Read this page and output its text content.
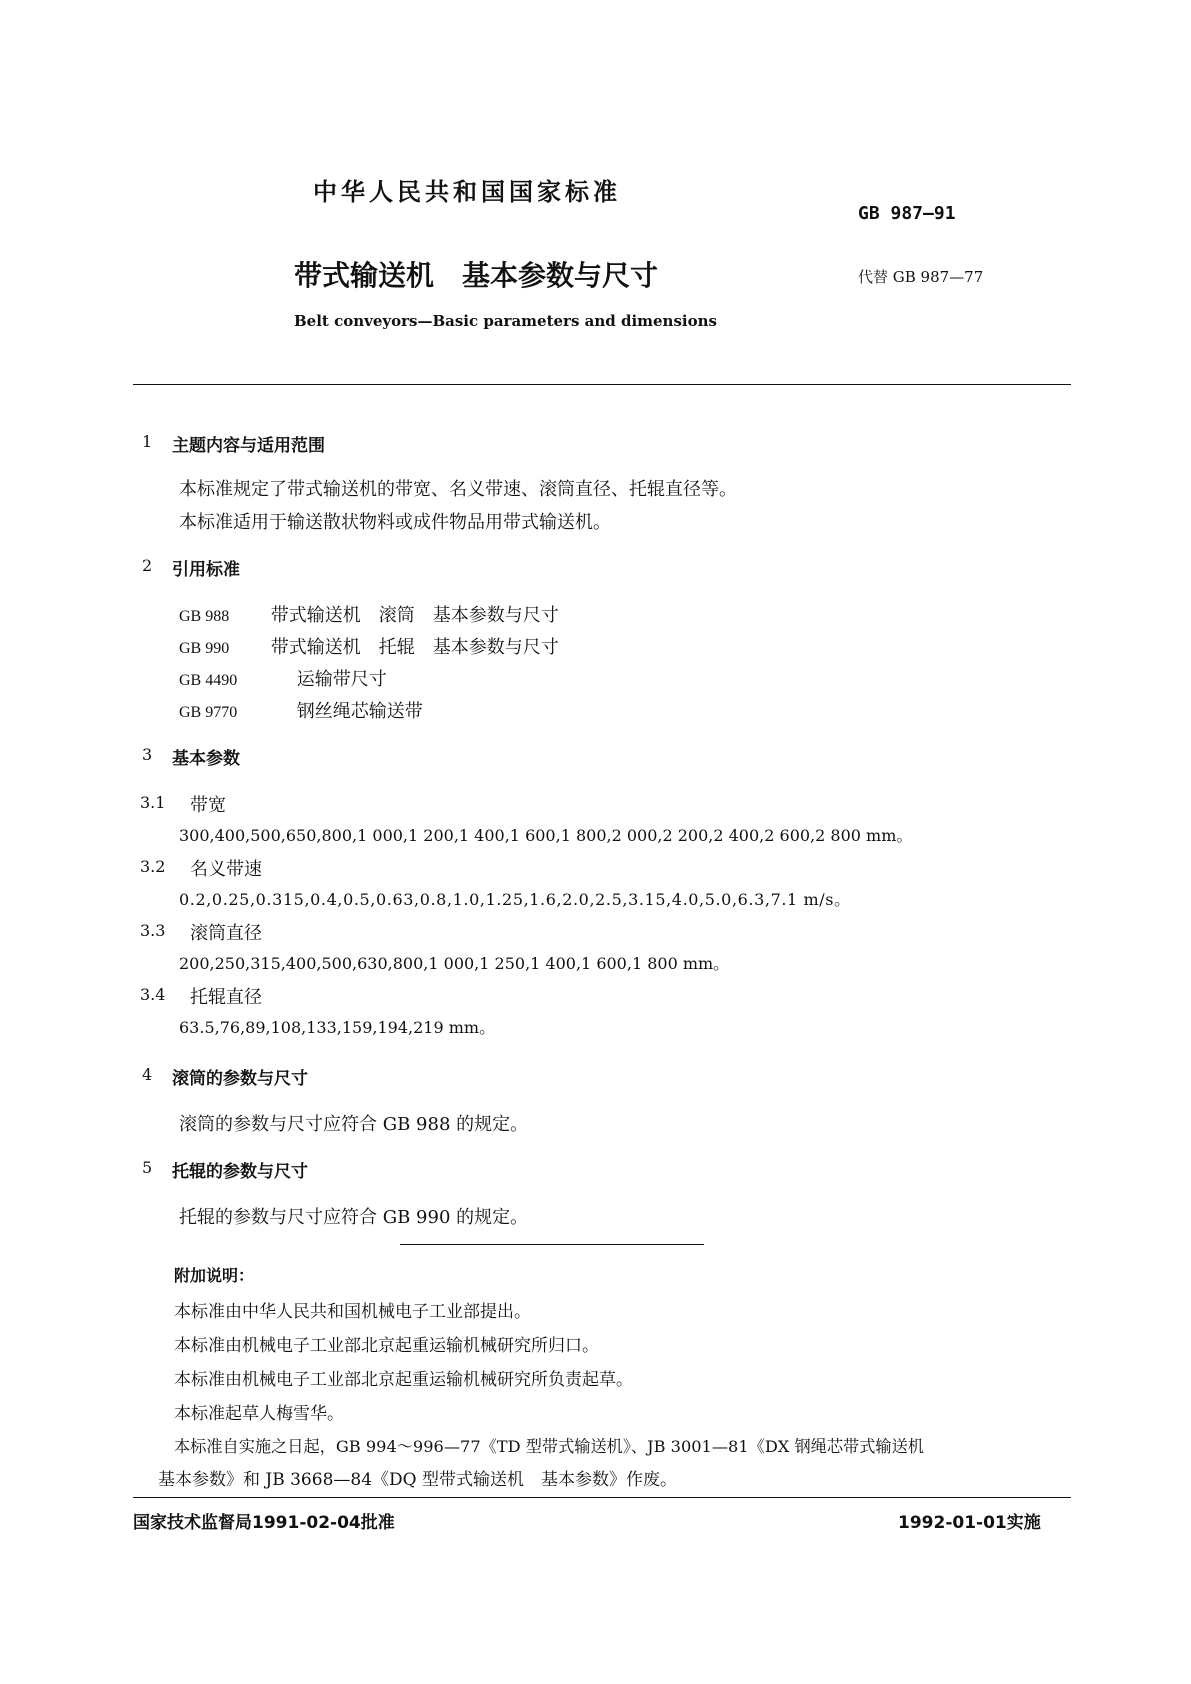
中华人民共和国国家标准
GB 987—91
带式输送机　基本参数与尺寸	代替 GB 987—77
Belt conveyors—Basic parameters and dimensions
1 主题内容与适用范围
本标准规定了带式输送机的带宽、名义带速、滚筒直径、托辊直径等。
本标准适用于输送散状物料或成件物品用带式输送机。
2 引用标准
GB 988 带式输送机　滚筒　基本参数与尺寸
GB 990 带式输送机　托辊　基本参数与尺寸
GB 4490	运输带尺寸
GB 9770	钢丝绳芯输送带
3 基本参数
3.1 带宽
300,400,500,650,800,1 000,1 200,1 400,1 600,1 800,2 000,2 200,2 400,2 600,2 800 mm。
3.2 名义带速
0.2,0.25,0.315,0.4,0.5,0.63,0.8,1.0,1.25,1.6,2.0,2.5,3.15,4.0,5.0,6.3,7.1 m/s。
3.3 滚筒直径
200,250,315,400,500,630,800,1 000,1 250,1 400,1 600,1 800 mm。
3.4 托辊直径
63.5,76,89,108,133,159,194,219 mm。
4 滚筒的参数与尺寸
滚筒的参数与尺寸应符合 GB 988 的规定。
5 托辊的参数与尺寸
托辊的参数与尺寸应符合 GB 990 的规定。
附加说明：
本标准由中华人民共和国机械电子工业部提出。
本标准由机械电子工业部北京起重运输机械研究所归口。
本标准由机械电子工业部北京起重运输机械研究所负责起草。
本标准起草人梅雪华。
本标准自实施之日起，GB 994～996—77《TD 型带式输送机》、JB 3001—81《DX 钢绳芯带式输送机
基本参数》和 JB 3668—84《DQ 型带式输送机　基本参数》作废。
国家技术监督局1991-02-04批准	1992-01-01实施
